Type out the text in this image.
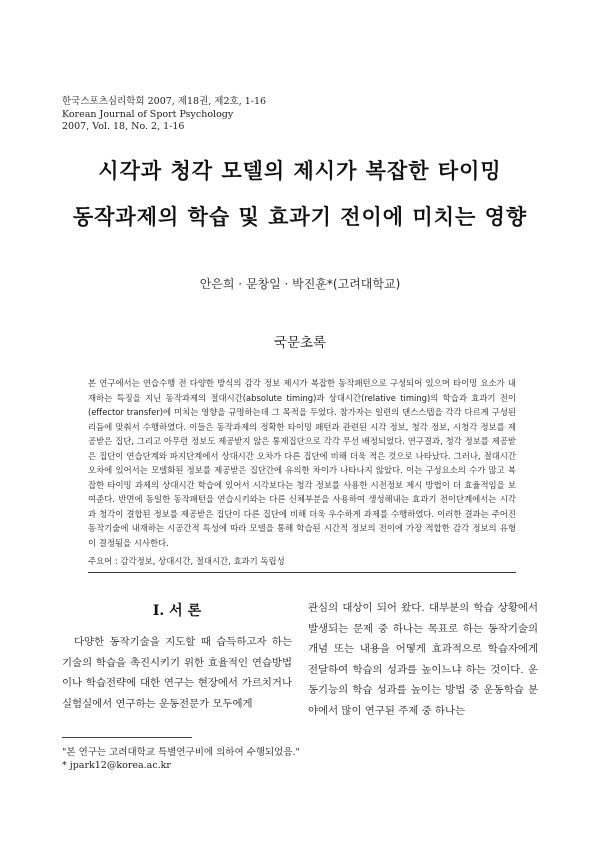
한국스포츠심리학회 2007, 제18권, 제2호, 1-16
Korean Journal of Sport Psychology
2007, Vol. 18, No. 2, 1-16
시각과 청각 모델의 제시가 복잡한 타이밍
동작과제의 학습 및 효과기 전이에 미치는 영향
안은희 · 문창일 · 박진훈*(고려대학교)
국문초록
본 연구에서는 연습수행 전 다양한 방식의 감각 정보 제시가 복잡한 동작패턴으로 구성되어 있으며 타이밍 요소가 내재하는 특징을 지닌 동작과제의 절대시간(absolute timing)과 상대시간(relative timing)의 학습과 효과기 전이(effector transfer)에 미치는 영향을 규명하는데 그 목적을 두었다. 참가자는 일련의 댄스스텝을 각각 다르게 구성된 리듬에 맞춰서 수행하였다. 이들은 동작과제의 정확한 타이밍 패턴과 관련된 시각 정보, 청각 정보, 시청각 정보를 제공받은 집단, 그리고 아무런 정보도 제공받지 않은 통제집단으로 각각 무선 배정되었다. 연구결과, 청각 정보를 제공받은 집단이 연습단계와 파지단계에서 상대시간 오차가 다른 집단에 비해 더욱 적은 것으로 나타났다. 그러나, 절대시간 오차에 있어서는 모델화된 정보를 제공받은 집단간에 유의한 차이가 나타나지 않았다. 이는 구성요소의 수가 많고 복잡한 타이밍 과제의 상대시간 학습에 있어서 시각보다는 청각 정보를 사용한 시전정보 제시 방법이 더 효율적임을 보여준다. 반면에 동일한 동작패턴을 연습시키와는 다른 신체부분을 사용하여 생성해내는 효과기 전이단계에서는 시각과 청각이 결합된 정보를 제공받은 집단이 다른 집단에 비해 더욱 우수하게 과제를 수행하였다. 이러한 결과는 주어진 동작기술에 내재하는 시공간적 특성에 따라 모델을 통해 학습된 시간적 정보의 전이에 가장 적합한 감각 정보의 유형이 결정됨을 시사한다.
주요어 : 감각정보, 상대시간, 절대시간, 효과기 독립성
I. 서 론
다양한 동작기술을 지도할 때 습득하고자 하는 기술의 학습을 촉진시키기 위한 효율적인 연습방법이나 학습전략에 대한 연구는 현장에서 가르치거나 실험실에서 연구하는 운동전문가 모두에게
관심의 대상이 되어 왔다. 대부분의 학습 상황에서 발생되는 문제 중 하나는 목표로 하는 동작기술의 개념 또는 내용을 어떻게 효과적으로 학습자에게 전달하여 학습의 성과를 높이느냐 하는 것이다. 운동기능의 학습 성과를 높이는 방법 중 운동학습 분야에서 많이 연구된 주제 중 하나는
"본 연구는 고려대학교 특별연구비에 의하여 수행되었음."
* jpark12@korea.ac.kr
